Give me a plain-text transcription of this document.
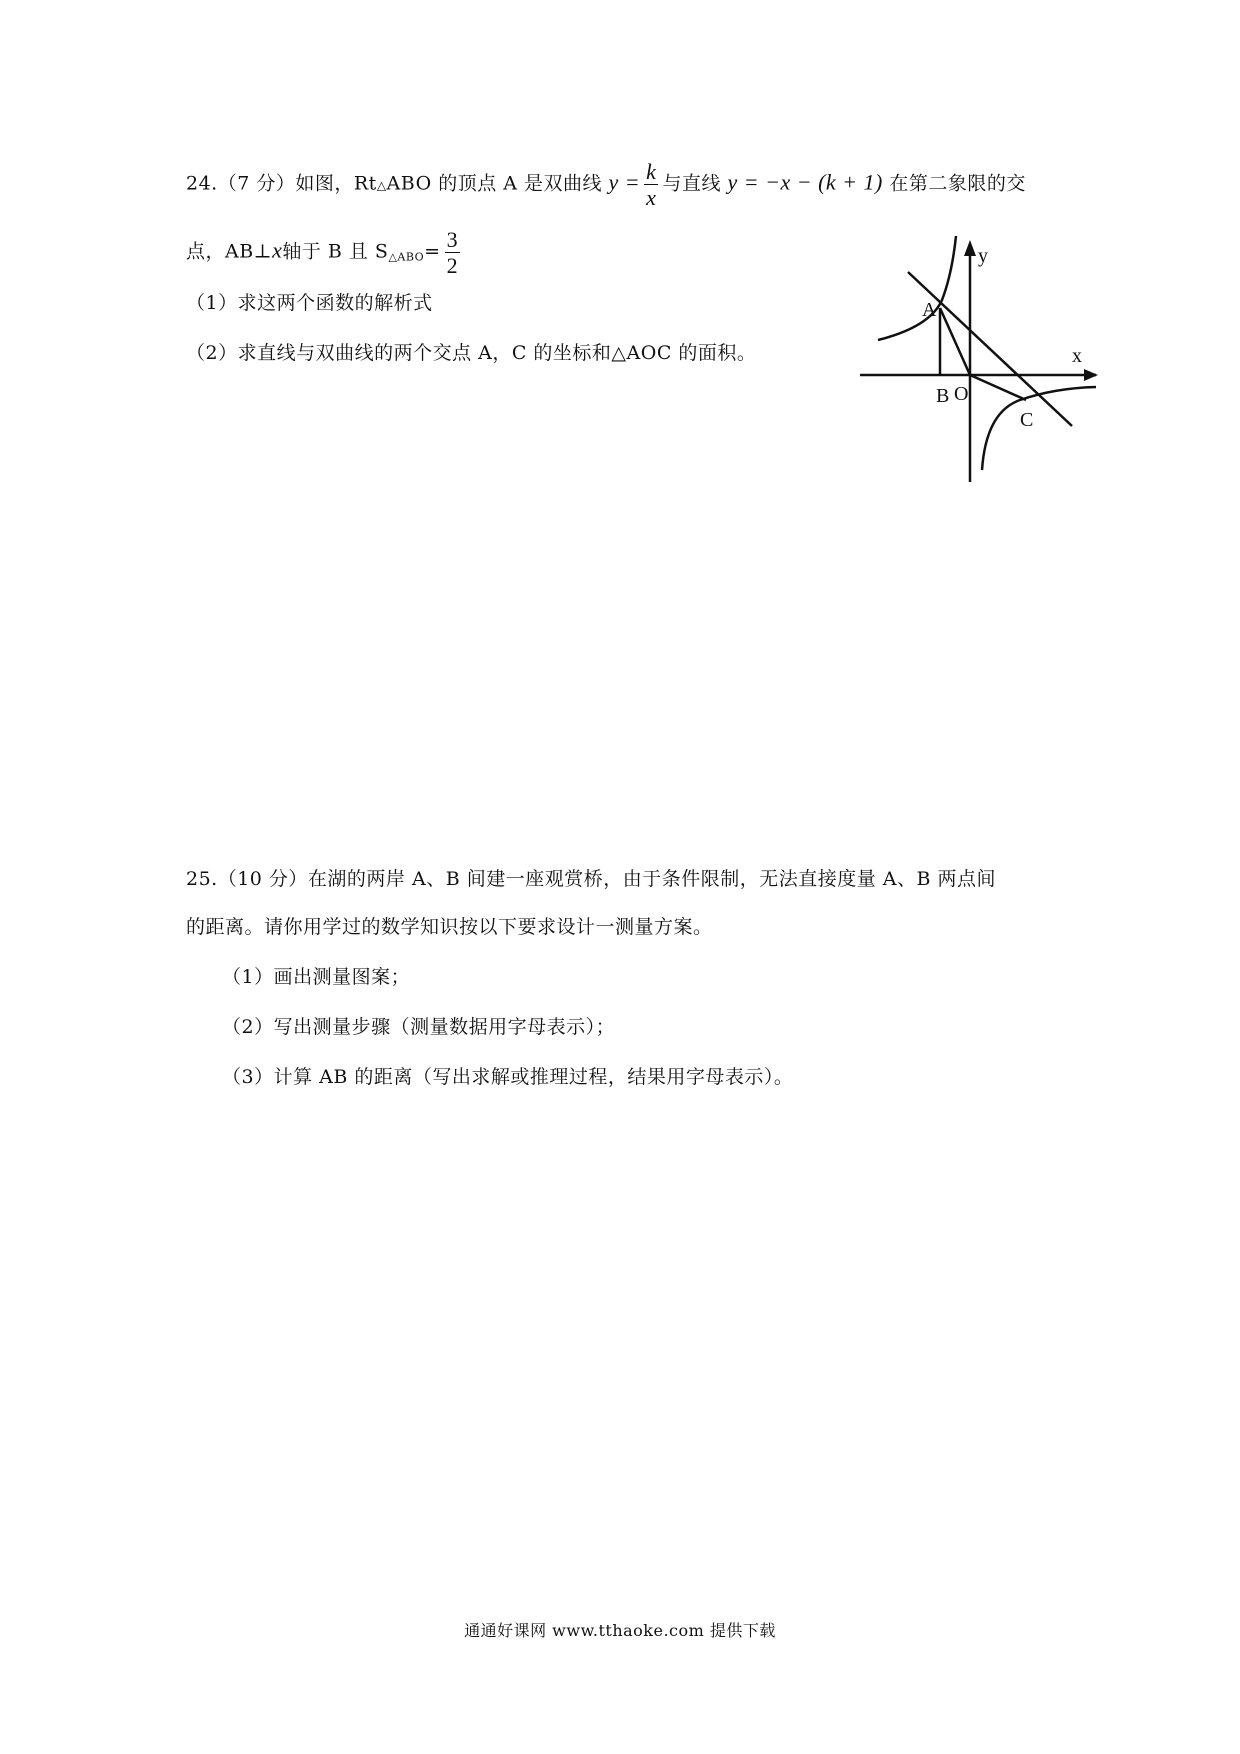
24.（7 分）如图，Rt△ABO 的顶点 A 是双曲线 $y = \frac{k}{x}$ 与直线 y = −x − (k + 1) 在第二象限的交
点，AB⊥x轴于 B 且 $S_{\triangle ABO}= \frac{3}{2}$
（1）求这两个函数的解析式
（2）求直线与双曲线的两个交点 A，C 的坐标和△AOC 的面积。
y
x
A
B O
C
25.（10 分）在湖的两岸 A、B 间建一座观赏桥，由于条件限制，无法直接度量 A、B 两点间
的距离。请你用学过的数学知识按以下要求设计一测量方案。
（1）画出测量图案；
（2）写出测量步骤（测量数据用字母表示）；
（3）计算 AB 的距离（写出求解或推理过程，结果用字母表示）。
通通好课网 www.tthaoke.com 提供下载
